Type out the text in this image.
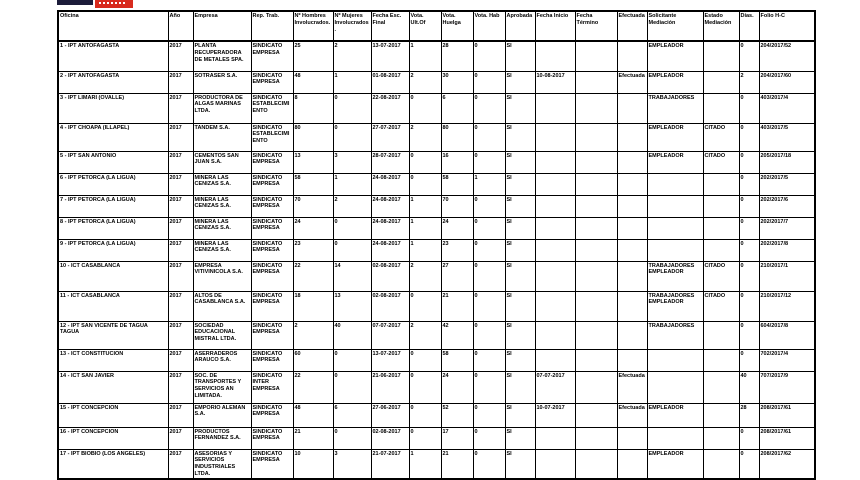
Oficina	Año	Empresa	Rep. Trab.	Nº Hombres Involucrados.	Nº Mujeres Involucrados.	Fecha Esc. Final	Vota. Ult.Of	Vota. Huelga	Vota. Hab	Aprobada	Fecha Inicio	Fecha Término	Efectuada	Solicitante Mediación	Estado Mediación	Días.	Folio H-C
1 - IPT ANTOFAGASTA	2017	PLANTA RECUPERADORA DE METALES SPA.	SINDICATO EMPRESA	25	2	13-07-2017	1	28	0	SI				EMPLEADOR		0	204/2017/52
2 - IPT ANTOFAGASTA	2017	SOTRASER S.A.	SINDICATO EMPRESA	48	1	01-08-2017	2	30	0	SI	10-08-2017		Efectuada	EMPLEADOR		2	204/2017/60
3 - IPT LIMARI (OVALLE)	2017	PRODUCTORA DE ALGAS MARINAS LTDA.	SINDICATO ESTABLECIMIENTO	8	0	22-08-2017	0	6	0	SI				TRABAJADORES		0	403/2017/4
4 - IPT CHOAPA (ILLAPEL)	2017	TANDEM S.A.	SINDICATO ESTABLECIMIENTO	80	0	27-07-2017	2	80	0	SI				EMPLEADOR	CITADO	0	403/2017/5
5 - IPT SAN ANTONIO	2017	CEMENTOS SAN JUAN S.A.	SINDICATO EMPRESA	13	3	28-07-2017	0	16	0	SI				EMPLEADOR	CITADO	0	205/2017/18
6 - IPT PETORCA (LA LIGUA)	2017	MINERA LAS CENIZAS S.A.	SINDICATO EMPRESA	58	1	24-08-2017	0	58	1	SI						0	202/2017/5
7 - IPT PETORCA (LA LIGUA)	2017	MINERA LAS CENIZAS S.A.	SINDICATO EMPRESA	70	2	24-08-2017	1	70	0	SI						0	202/2017/6
8 - IPT PETORCA (LA LIGUA)	2017	MINERA LAS CENIZAS S.A.	SINDICATO EMPRESA	24	0	24-08-2017	1	24	0	SI						0	202/2017/7
9 - IPT PETORCA (LA LIGUA)	2017	MINERA LAS CENIZAS S.A.	SINDICATO EMPRESA	23	0	24-08-2017	1	23	0	SI						0	202/2017/8
10 - ICT CASABLANCA	2017	EMPRESA VITIVINICOLA S.A.	SINDICATO EMPRESA	22	14	02-08-2017	2	27	0	SI				TRABAJADORES EMPLEADOR	CITADO	0	210/2017/1
11 - ICT CASABLANCA	2017	ALTOS DE CASABLANCA S.A.	SINDICATO EMPRESA	18	13	02-08-2017	0	21	0	SI				TRABAJADORES EMPLEADOR	CITADO	0	210/2017/12
12 - IPT SAN VICENTE DE TAGUA TAGUA	2017	SOCIEDAD EDUCACIONAL MISTRAL LTDA.	SINDICATO EMPRESA	2	40	07-07-2017	2	42	0	SI				TRABAJADORES		0	604/2017/8
13 - ICT CONSTITUCION	2017	ASERRADEROS ARAUCO S.A.	SINDICATO EMPRESA	60	0	13-07-2017	0	58	0	SI						0	702/2017/4
14 - ICT SAN JAVIER	2017	SOC. DE TRANSPORTES Y SERVICIOS AN LIMITADA.	SINDICATO INTER EMPRESA	22	0	21-06-2017	0	24	0	SI	07-07-2017		Efectuada			40	707/2017/9
15 - IPT CONCEPCION	2017	EMPORIO ALEMAN S.A.	SINDICATO EMPRESA	48	6	27-06-2017	0	52	0	SI	10-07-2017		Efectuada	EMPLEADOR		28	208/2017/61
16 - IPT CONCEPCION	2017	PRODUCTOS FERNANDEZ S.A.	SINDICATO EMPRESA	21	0	02-08-2017	0	17	0	SI						0	208/2017/61
17 - IPT BIOBIO (LOS ANGELES)	2017	ASESORIAS Y SERVICIOS INDUSTRIALES LTDA.	SINDICATO EMPRESA	10	3	21-07-2017	1	21	0	SI				EMPLEADOR		0	208/2017/62
